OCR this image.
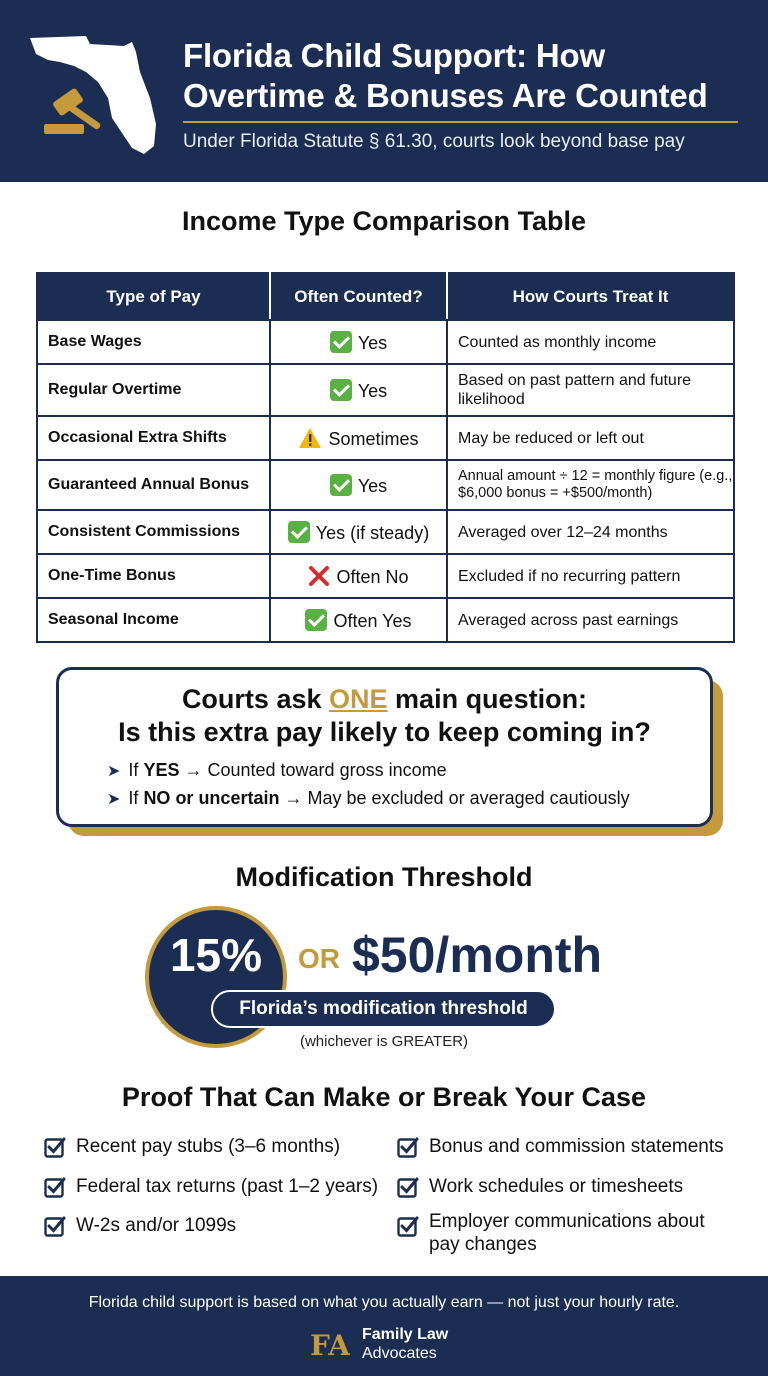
Florida Child Support: How
Overtime & Bonuses Are Counted
Under Florida Statute § 61.30, courts look beyond base pay
Income Type Comparison Table
Type of Pay	Often Counted?	How Courts Treat It
Base Wages	Yes	Counted as monthly income
Regular Overtime	Yes	Based on past pattern and future likelihood
Occasional Extra Shifts	Sometimes	May be reduced or left out
Guaranteed Annual Bonus	Yes	Annual amount ÷ 12 = monthly figure (e.g., $6,000 bonus = +$500/month)
Consistent Commissions	Yes (if steady)	Averaged over 12–24 months
One-Time Bonus	Often No	Excluded if no recurring pattern
Seasonal Income	Often Yes	Averaged across past earnings
Courts ask ONE main question:
Is this extra pay likely to keep coming in?
➤ If YES → Counted toward gross income
➤ If NO or uncertain → May be excluded or averaged cautiously
Modification Threshold
15%	OR $50/month
Florida’s modification threshold
(whichever is GREATER)
Proof That Can Make or Break Your Case
Recent pay stubs (3–6 months)
Federal tax returns (past 1–2 years)
W-2s and/or 1099s
Bonus and commission statements
Work schedules or timesheets
Employer communications about pay changes
Florida child support is based on what you actually earn — not just your hourly rate.
FA Family Law
Advocates
